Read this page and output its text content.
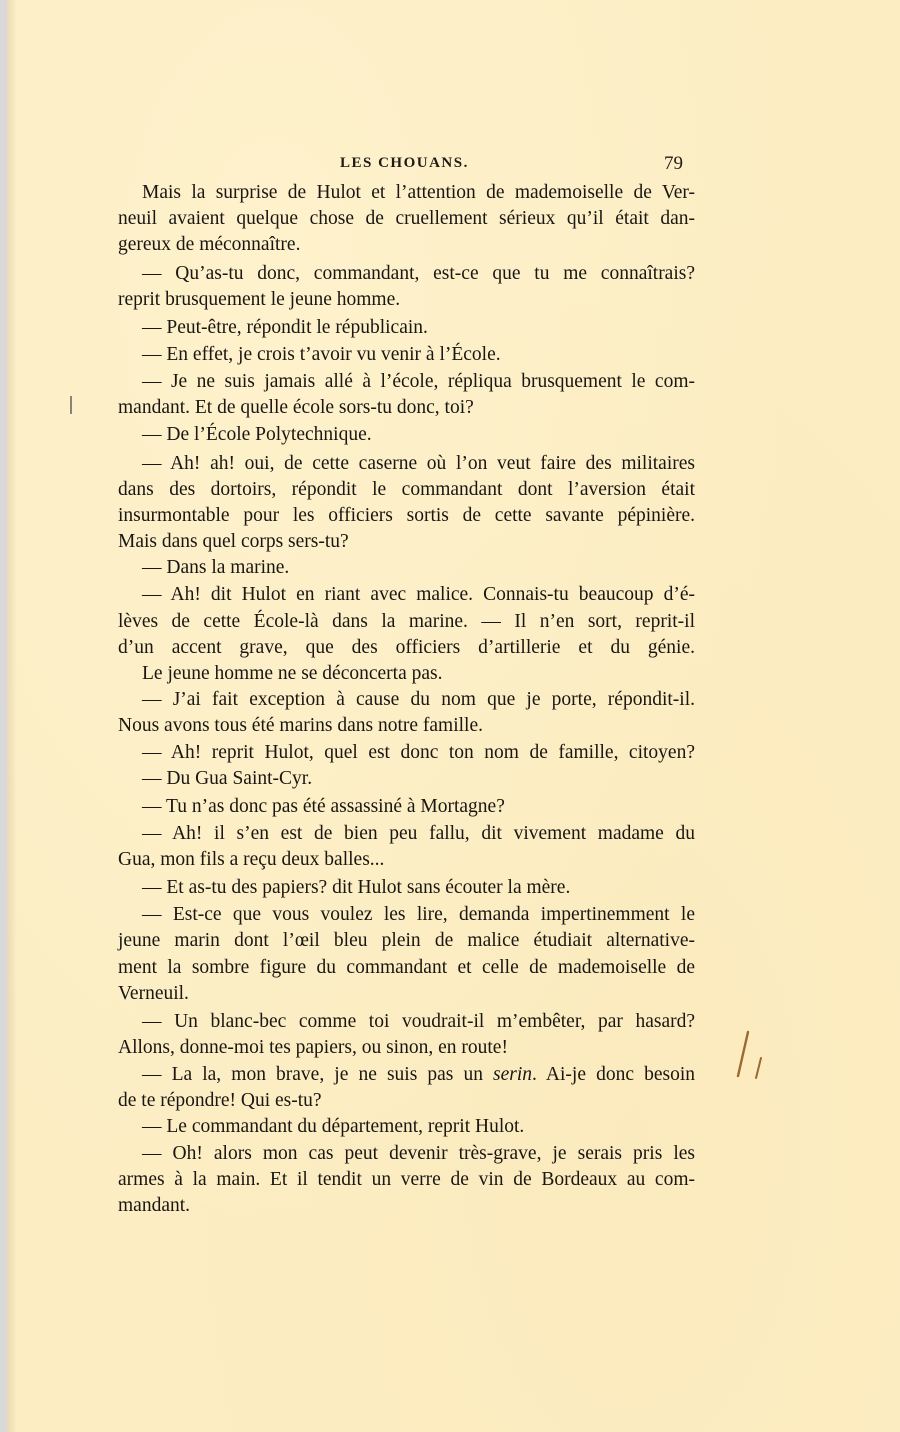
LES CHOUANS.	79
Mais la surprise de Hulot et l’attention de mademoiselle de Ver-
neuil avaient quelque chose de cruellement sérieux qu’il était dan-
gereux de méconnaître.
— Qu’as-tu donc, commandant, est-ce que tu me connaîtrais?
reprit brusquement le jeune homme.
— Peut-être, répondit le républicain.
— En effet, je crois t’avoir vu venir à l’École.
— Je ne suis jamais allé à l’école, répliqua brusquement le com-
mandant. Et de quelle école sors-tu donc, toi?
— De l’École Polytechnique.
— Ah! ah! oui, de cette caserne où l’on veut faire des militaires
dans des dortoirs, répondit le commandant dont l’aversion était
insurmontable pour les officiers sortis de cette savante pépinière.
Mais dans quel corps sers-tu?
— Dans la marine.
— Ah! dit Hulot en riant avec malice. Connais-tu beaucoup d’é-
lèves de cette École-là dans la marine. — Il n’en sort, reprit-il
d’un accent grave, que des officiers d’artillerie et du génie.
Le jeune homme ne se déconcerta pas.
— J’ai fait exception à cause du nom que je porte, répondit-il.
Nous avons tous été marins dans notre famille.
— Ah! reprit Hulot, quel est donc ton nom de famille, citoyen?
— Du Gua Saint-Cyr.
— Tu n’as donc pas été assassiné à Mortagne?
— Ah! il s’en est de bien peu fallu, dit vivement madame du
Gua, mon fils a reçu deux balles...
— Et as-tu des papiers? dit Hulot sans écouter la mère.
— Est-ce que vous voulez les lire, demanda impertinemment le
jeune marin dont l’œil bleu plein de malice étudiait alternative-
ment la sombre figure du commandant et celle de mademoiselle de
Verneuil.
— Un blanc-bec comme toi voudrait-il m’embêter, par hasard?
Allons, donne-moi tes papiers, ou sinon, en route!
— La la, mon brave, je ne suis pas un serin. Ai-je donc besoin
de te répondre! Qui es-tu?
— Le commandant du département, reprit Hulot.
— Oh! alors mon cas peut devenir très-grave, je serais pris les
armes à la main. Et il tendit un verre de vin de Bordeaux au com-
mandant.
